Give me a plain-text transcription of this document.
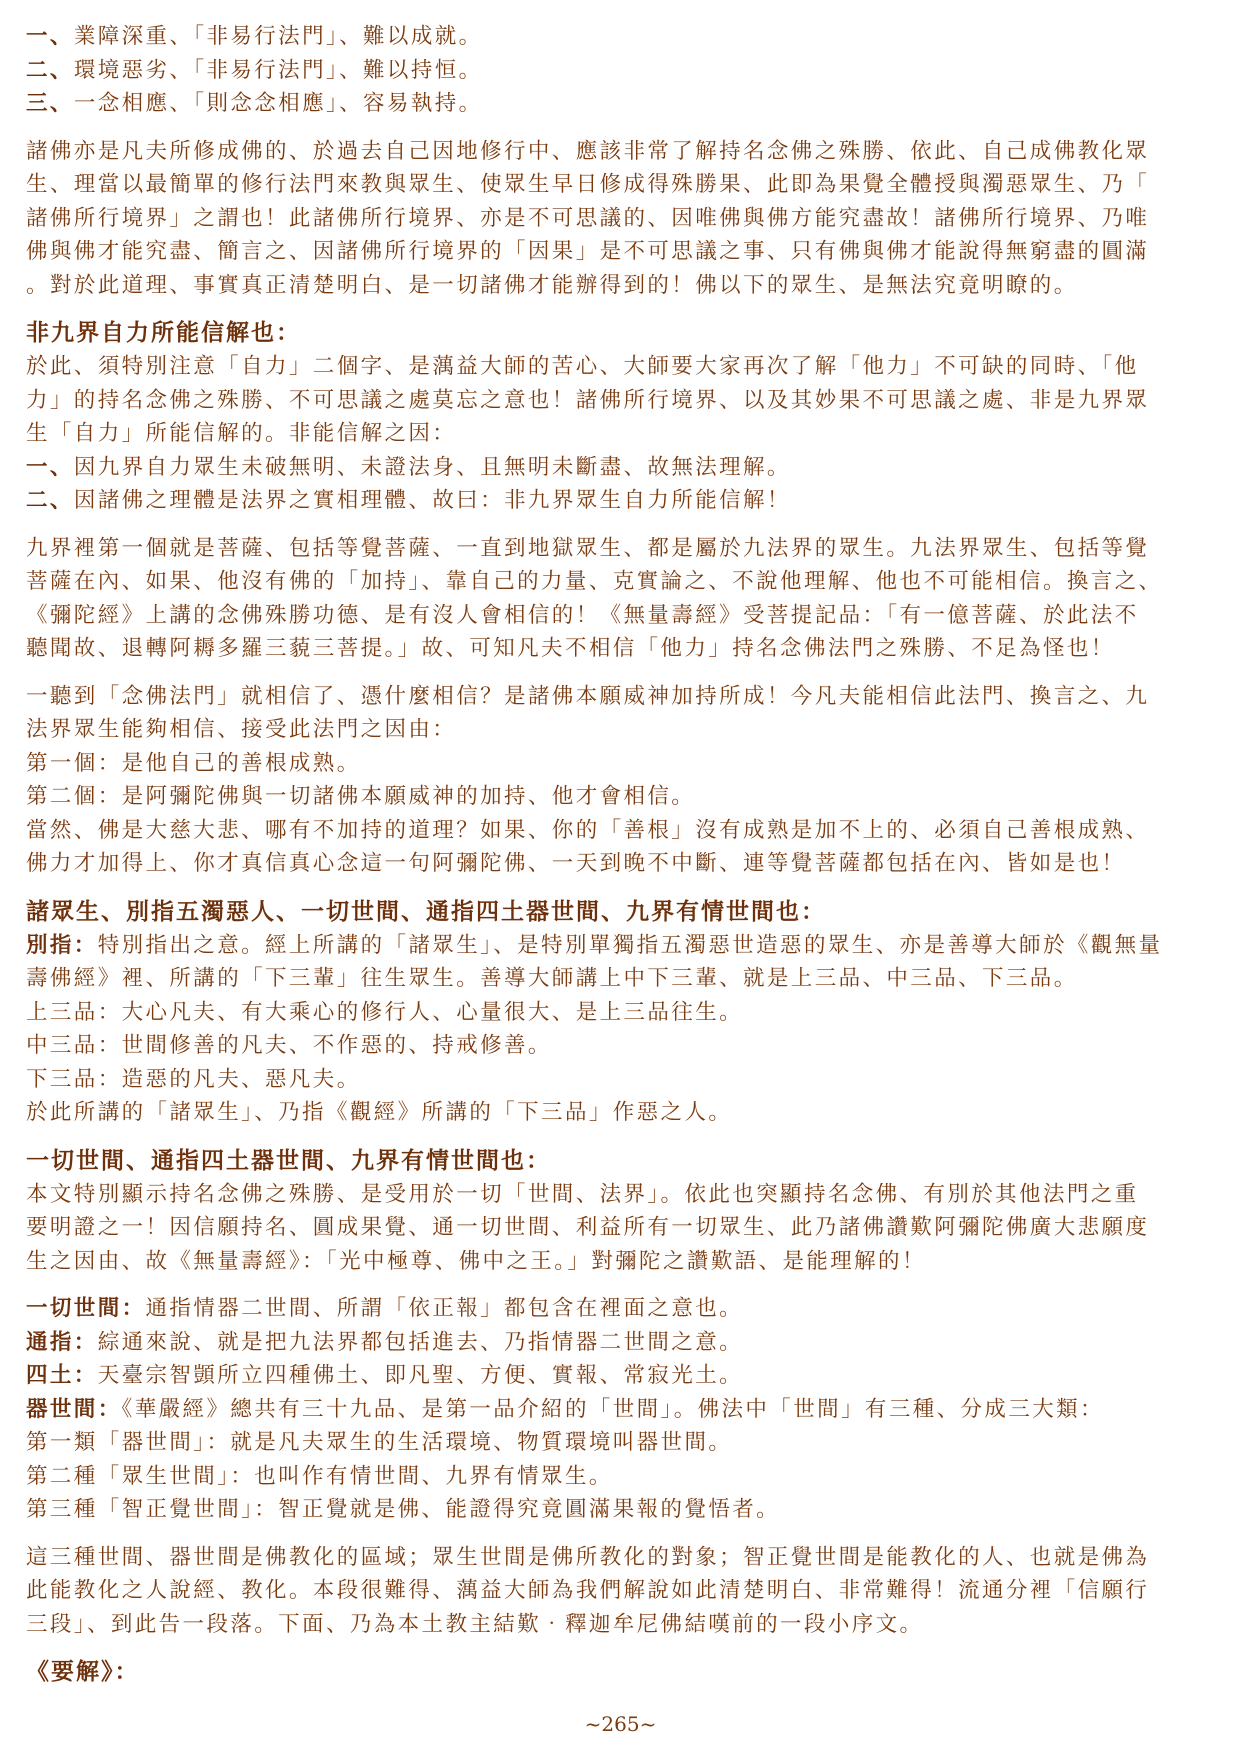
一、業障深重、「非易行法門」、難以成就。
二、環境惡劣、「非易行法門」、難以持恒。
三、一念相應、「則念念相應」、容易執持。
諸佛亦是凡夫所修成佛的、於過去自己因地修行中、應該非常了解持名念佛之殊勝、依此、自己成佛教化眾
生、理當以最簡單的修行法門來教與眾生、使眾生早日修成得殊勝果、此即為果覺全體授與濁惡眾生、乃「
諸佛所行境界」之謂也！此諸佛所行境界、亦是不可思議的、因唯佛與佛方能究盡故！諸佛所行境界、乃唯
佛與佛才能究盡、簡言之、因諸佛所行境界的「因果」是不可思議之事、只有佛與佛才能說得無窮盡的圓滿
。對於此道理、事實真正清楚明白、是一切諸佛才能辦得到的！佛以下的眾生、是無法究竟明瞭的。
非九界自力所能信解也：
於此、須特別注意「自力」二個字、是蕅益大師的苦心、大師要大家再次了解「他力」不可缺的同時、「他
力」的持名念佛之殊勝、不可思議之處莫忘之意也！諸佛所行境界、以及其妙果不可思議之處、非是九界眾
生「自力」所能信解的。非能信解之因：
一、因九界自力眾生未破無明、未證法身、且無明未斷盡、故無法理解。
二、因諸佛之理體是法界之實相理體、故曰：非九界眾生自力所能信解！
九界裡第一個就是菩薩、包括等覺菩薩、一直到地獄眾生、都是屬於九法界的眾生。九法界眾生、包括等覺
菩薩在內、如果、他沒有佛的「加持」、靠自己的力量、克實論之、不說他理解、他也不可能相信。換言之、
《彌陀經》上講的念佛殊勝功德、是有沒人會相信的！《無量壽經》受菩提記品：「有一億菩薩、於此法不
聽聞故、退轉阿耨多羅三藐三菩提。」故、可知凡夫不相信「他力」持名念佛法門之殊勝、不足為怪也！
一聽到「念佛法門」就相信了、憑什麼相信？是諸佛本願威神加持所成！今凡夫能相信此法門、換言之、九
法界眾生能夠相信、接受此法門之因由：
第一個：是他自己的善根成熟。
第二個：是阿彌陀佛與一切諸佛本願威神的加持、他才會相信。
當然、佛是大慈大悲、哪有不加持的道理？如果、你的「善根」沒有成熟是加不上的、必須自己善根成熟、
佛力才加得上、你才真信真心念這一句阿彌陀佛、一天到晚不中斷、連等覺菩薩都包括在內、皆如是也！
諸眾生、別指五濁惡人、一切世間、通指四土器世間、九界有情世間也：
別指：特別指出之意。經上所講的「諸眾生」、是特別單獨指五濁惡世造惡的眾生、亦是善導大師於《觀無量
壽佛經》裡、所講的「下三輩」往生眾生。善導大師講上中下三輩、就是上三品、中三品、下三品。
上三品：大心凡夫、有大乘心的修行人、心量很大、是上三品往生。
中三品：世間修善的凡夫、不作惡的、持戒修善。
下三品：造惡的凡夫、惡凡夫。
於此所講的「諸眾生」、乃指《觀經》所講的「下三品」作惡之人。
一切世間、通指四土器世間、九界有情世間也：
本文特別顯示持名念佛之殊勝、是受用於一切「世間、法界」。依此也突顯持名念佛、有別於其他法門之重
要明證之一！因信願持名、圓成果覺、通一切世間、利益所有一切眾生、此乃諸佛讚歎阿彌陀佛廣大悲願度
生之因由、故《無量壽經》：「光中極尊、佛中之王。」對彌陀之讚歎語、是能理解的！
一切世間：通指情器二世間、所謂「依正報」都包含在裡面之意也。
通指：綜通來說、就是把九法界都包括進去、乃指情器二世間之意。
四土：天臺宗智顗所立四種佛土、即凡聖、方便、實報、常寂光土。
器世間：《華嚴經》總共有三十九品、是第一品介紹的「世間」。佛法中「世間」有三種、分成三大類：
第一類「器世間」：就是凡夫眾生的生活環境、物質環境叫器世間。
第二種「眾生世間」：也叫作有情世間、九界有情眾生。
第三種「智正覺世間」：智正覺就是佛、能證得究竟圓滿果報的覺悟者。
這三種世間、器世間是佛教化的區域；眾生世間是佛所教化的對象；智正覺世間是能教化的人、也就是佛為
此能教化之人說經、教化。本段很難得、蕅益大師為我們解說如此清楚明白、非常難得！流通分裡「信願行
三段」、到此告一段落。下面、乃為本土教主結歎‧釋迦牟尼佛結嘆前的一段小序文。
《要解》：
~265~
